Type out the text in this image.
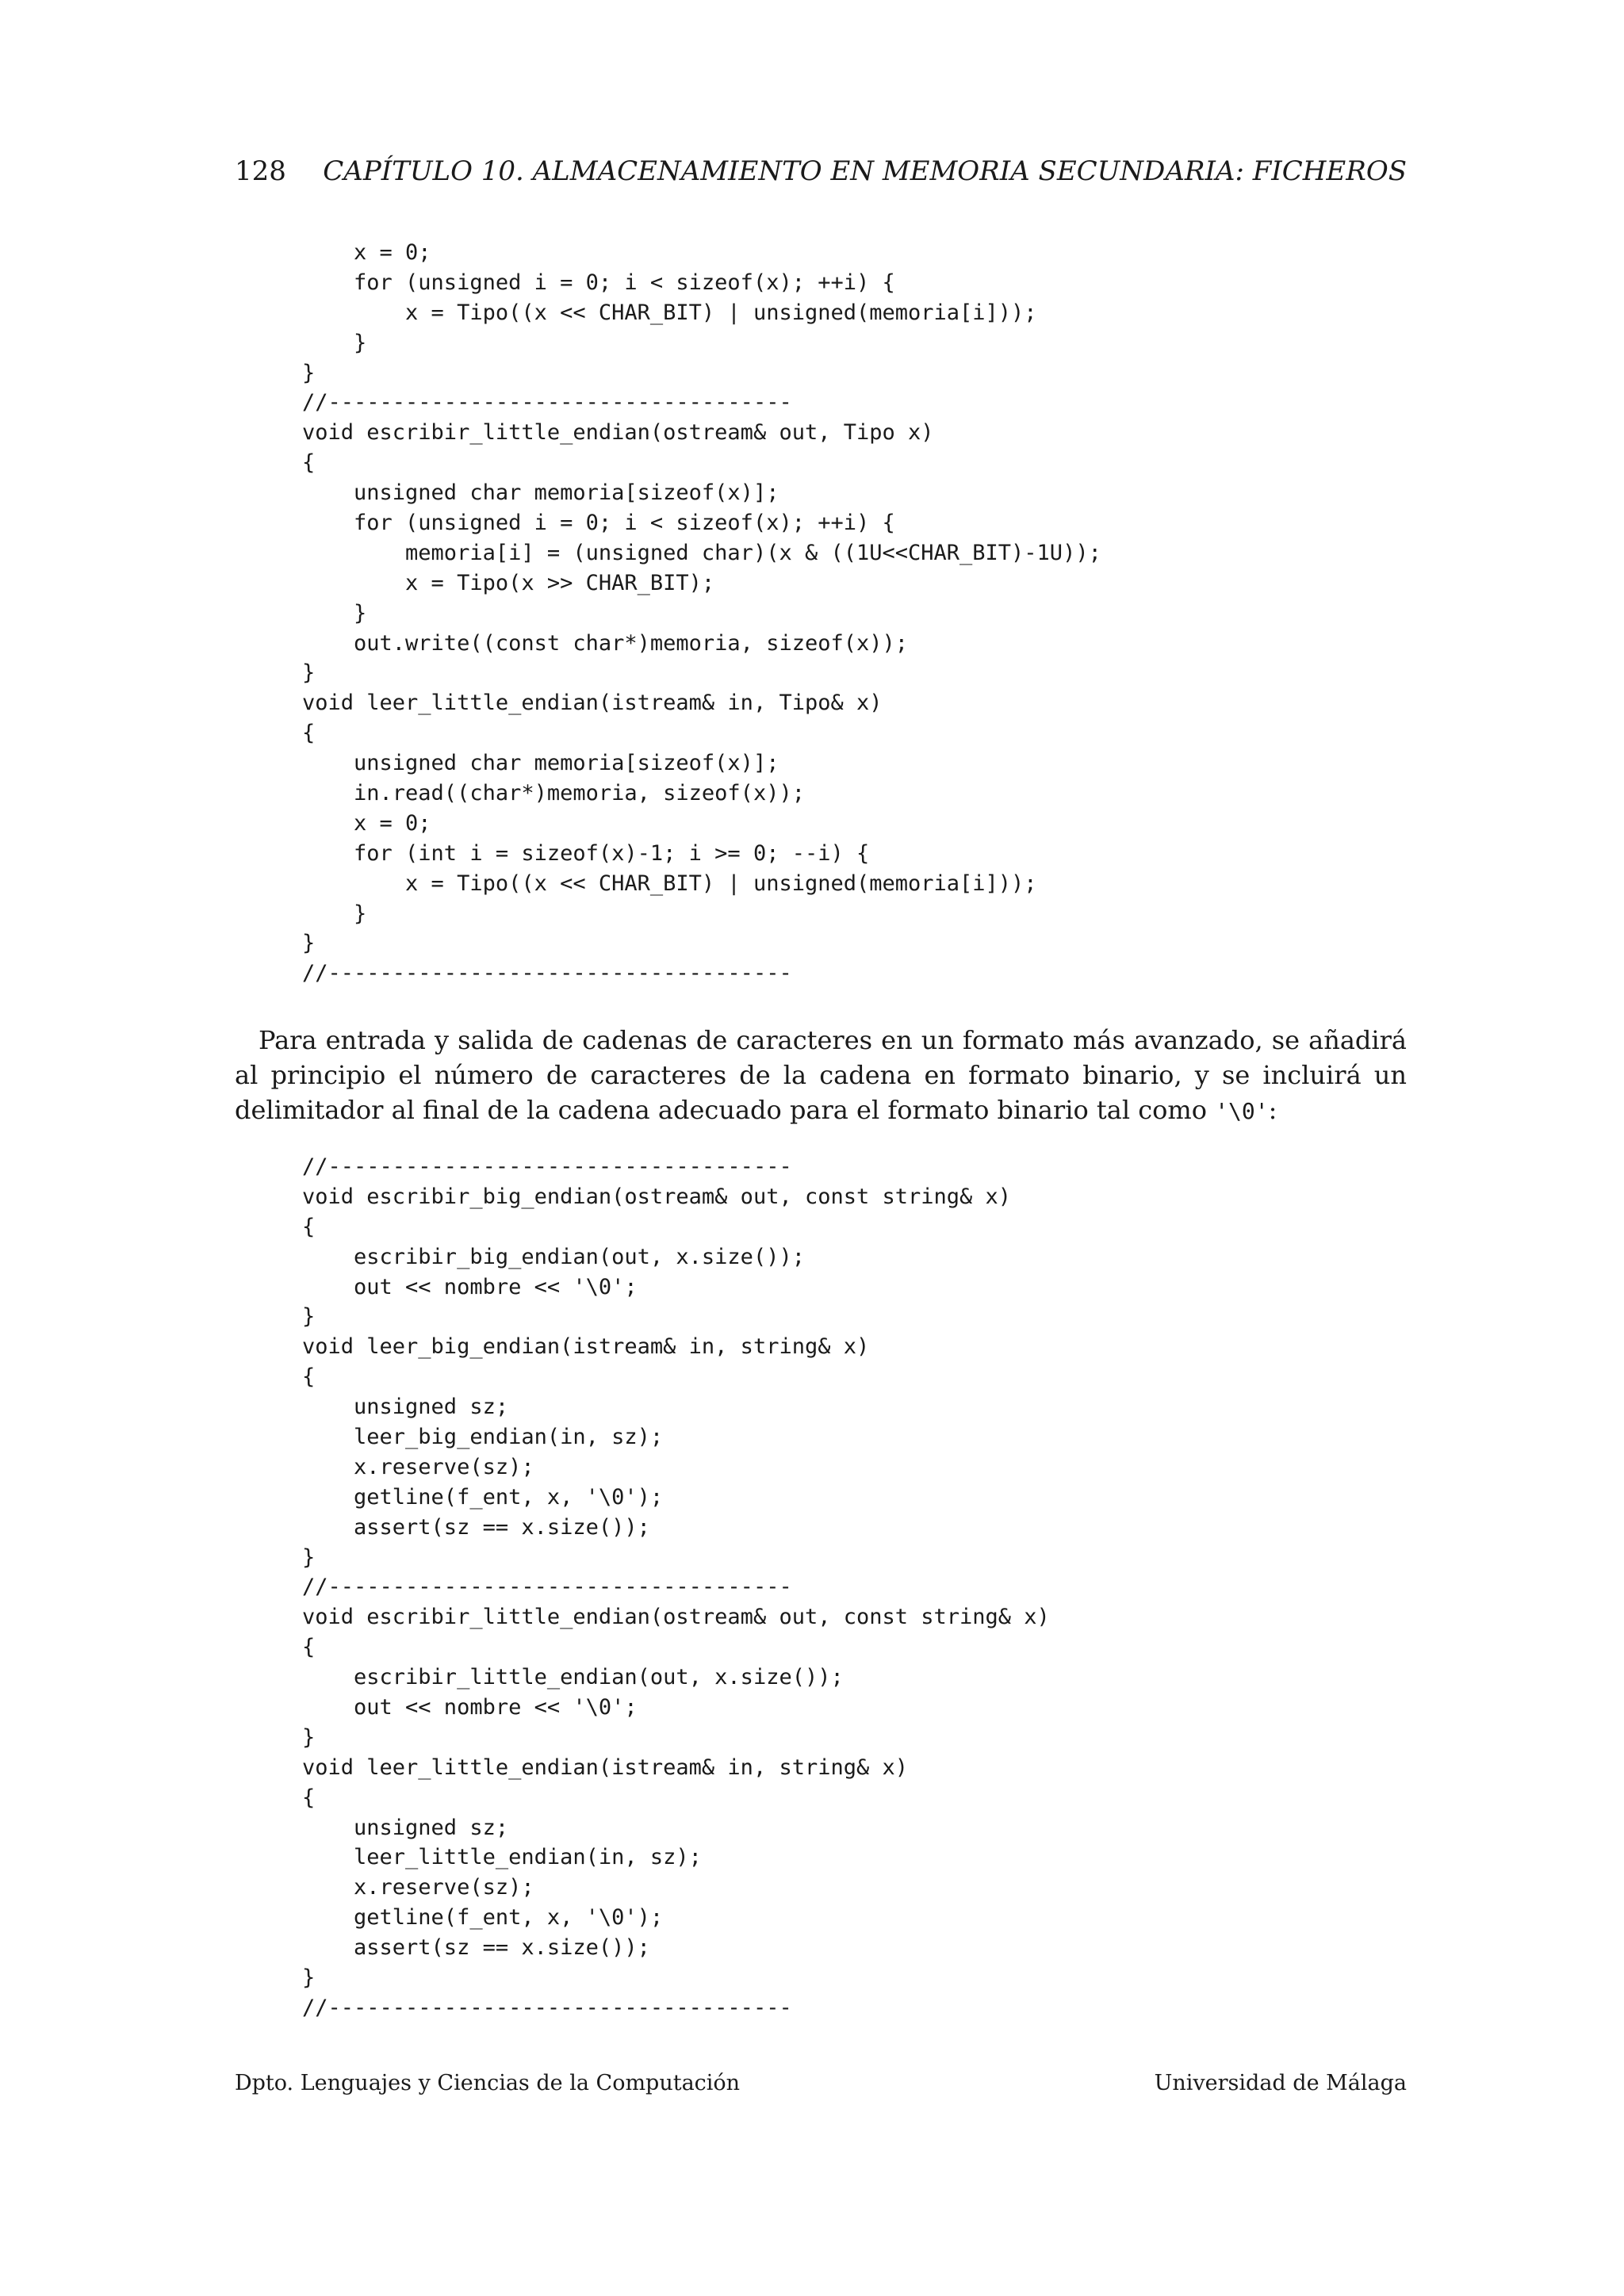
128 CAPÍTULO 10. ALMACENAMIENTO EN MEMORIA SECUNDARIA: FICHEROS
x = 0;
for (unsigned i = 0; i < sizeof(x); ++i) {
x = Tipo((x << CHAR_BIT) | unsigned(memoria[i]));
}
}
//------------------------------------
void escribir_little_endian(ostream& out, Tipo x)
{
unsigned char memoria[sizeof(x)];
for (unsigned i = 0; i < sizeof(x); ++i) {
memoria[i] = (unsigned char)(x & ((1U<<CHAR_BIT)-1U));
x = Tipo(x >> CHAR_BIT);
}
out.write((const char*)memoria, sizeof(x));
}
void leer_little_endian(istream& in, Tipo& x)
{
unsigned char memoria[sizeof(x)];
in.read((char*)memoria, sizeof(x));
x = 0;
for (int i = sizeof(x)-1; i >= 0; --i) {
x = Tipo((x << CHAR_BIT) | unsigned(memoria[i]));
}
}
//------------------------------------

Para entrada y salida de cadenas de caracteres en un formato más avanzado, se añadirá al principio el número de caracteres de la cadena en formato binario, y se incluirá un delimitador al final de la cadena adecuado para el formato binario tal como '\0':

//------------------------------------
void escribir_big_endian(ostream& out, const string& x)
{
escribir_big_endian(out, x.size());
out << nombre << '\0';
}
void leer_big_endian(istream& in, string& x)
{
unsigned sz;
leer_big_endian(in, sz);
x.reserve(sz);
getline(f_ent, x, '\0');
assert(sz == x.size());
}
//------------------------------------
void escribir_little_endian(ostream& out, const string& x)
{
escribir_little_endian(out, x.size());
out << nombre << '\0';
}
void leer_little_endian(istream& in, string& x)
{
unsigned sz;
leer_little_endian(in, sz);
x.reserve(sz);
getline(f_ent, x, '\0');
assert(sz == x.size());
}
//------------------------------------
Dpto. Lenguajes y Ciencias de la Computación	Universidad de Málaga
